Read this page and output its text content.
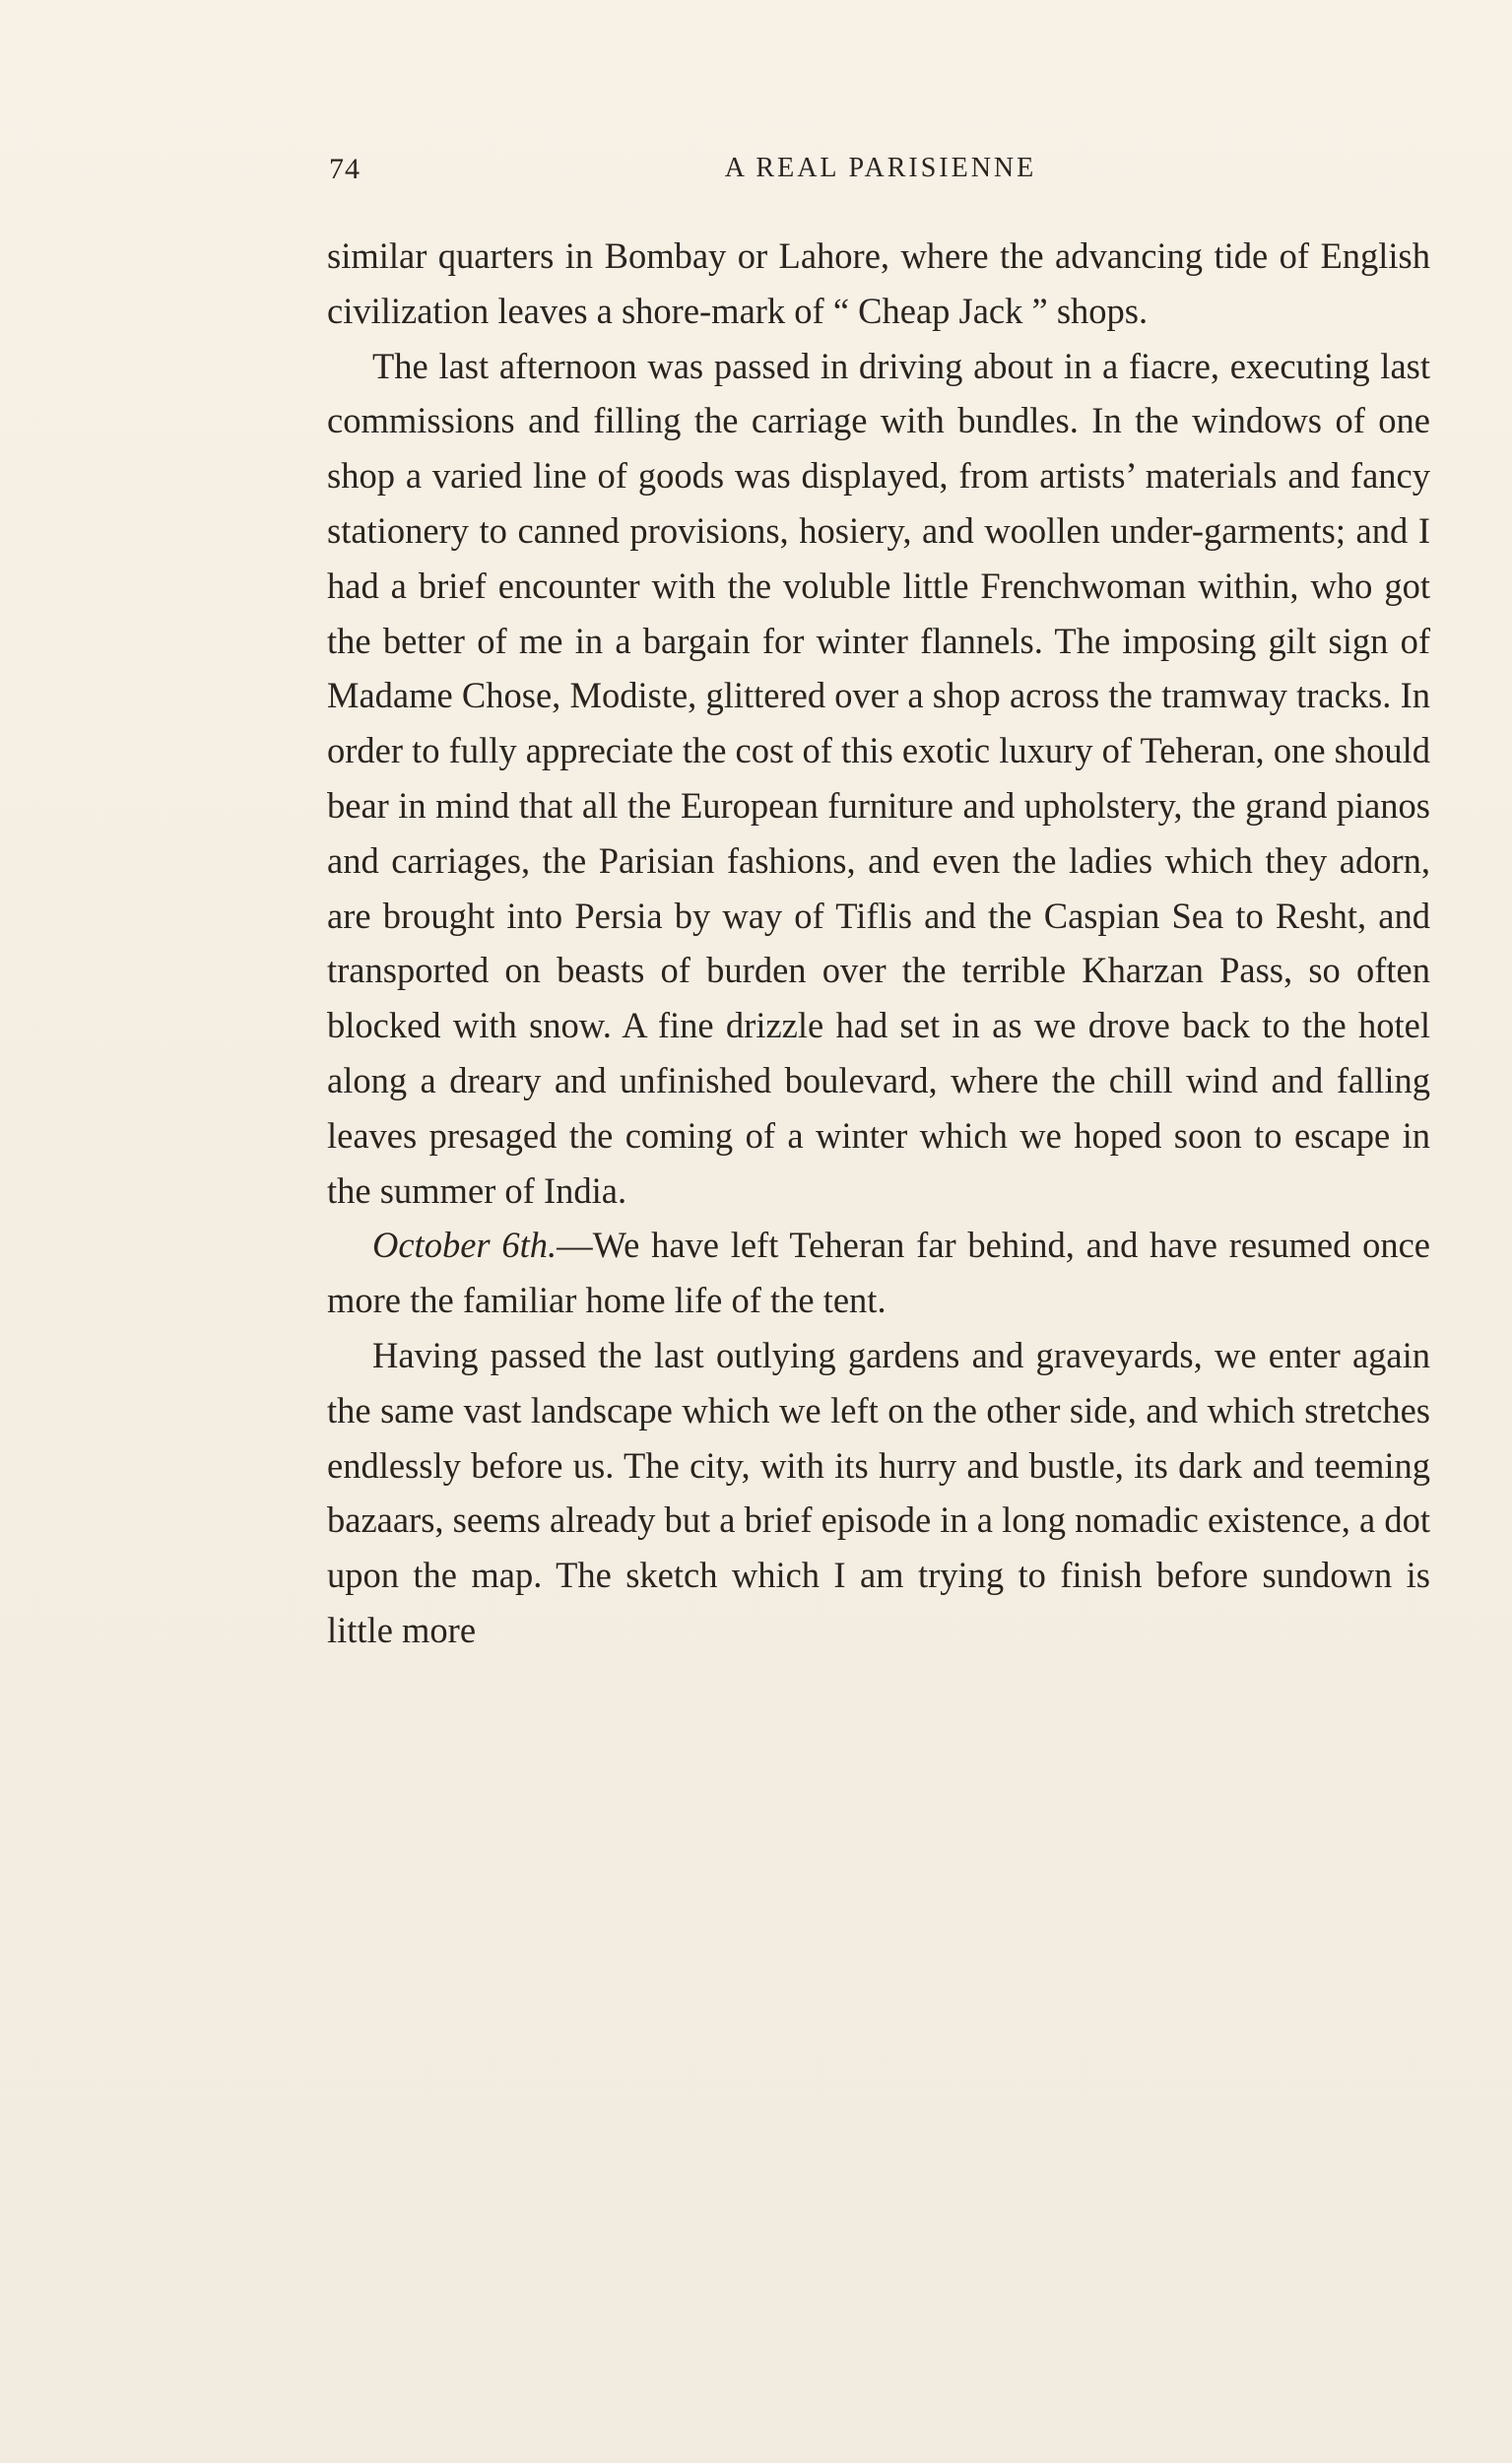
74	A REAL PARISIENNE

similar quarters in Bombay or Lahore, where the advancing tide of English civilization leaves a shore-mark of “ Cheap Jack ” shops.

The last afternoon was passed in driving about in a fiacre, executing last commissions and filling the carriage with bundles. In the windows of one shop a varied line of goods was displayed, from artists’ materials and fancy stationery to canned provisions, hosiery, and woollen under-garments; and I had a brief encounter with the voluble little Frenchwoman within, who got the better of me in a bargain for winter flannels. The imposing gilt sign of Madame Chose, Modiste, glittered over a shop across the tramway tracks. In order to fully appreciate the cost of this exotic luxury of Teheran, one should bear in mind that all the European furniture and upholstery, the grand pianos and carriages, the Parisian fashions, and even the ladies which they adorn, are brought into Persia by way of Tiflis and the Caspian Sea to Resht, and transported on beasts of burden over the terrible Kharzan Pass, so often blocked with snow. A fine drizzle had set in as we drove back to the hotel along a dreary and unfinished boulevard, where the chill wind and falling leaves presaged the coming of a winter which we hoped soon to escape in the summer of India.

October 6th.—We have left Teheran far behind, and have resumed once more the familiar home life of the tent.

Having passed the last outlying gardens and graveyards, we enter again the same vast landscape which we left on the other side, and which stretches endlessly before us. The city, with its hurry and bustle, its dark and teeming bazaars, seems already but a brief episode in a long nomadic existence, a dot upon the map. The sketch which I am trying to finish before sundown is little more
